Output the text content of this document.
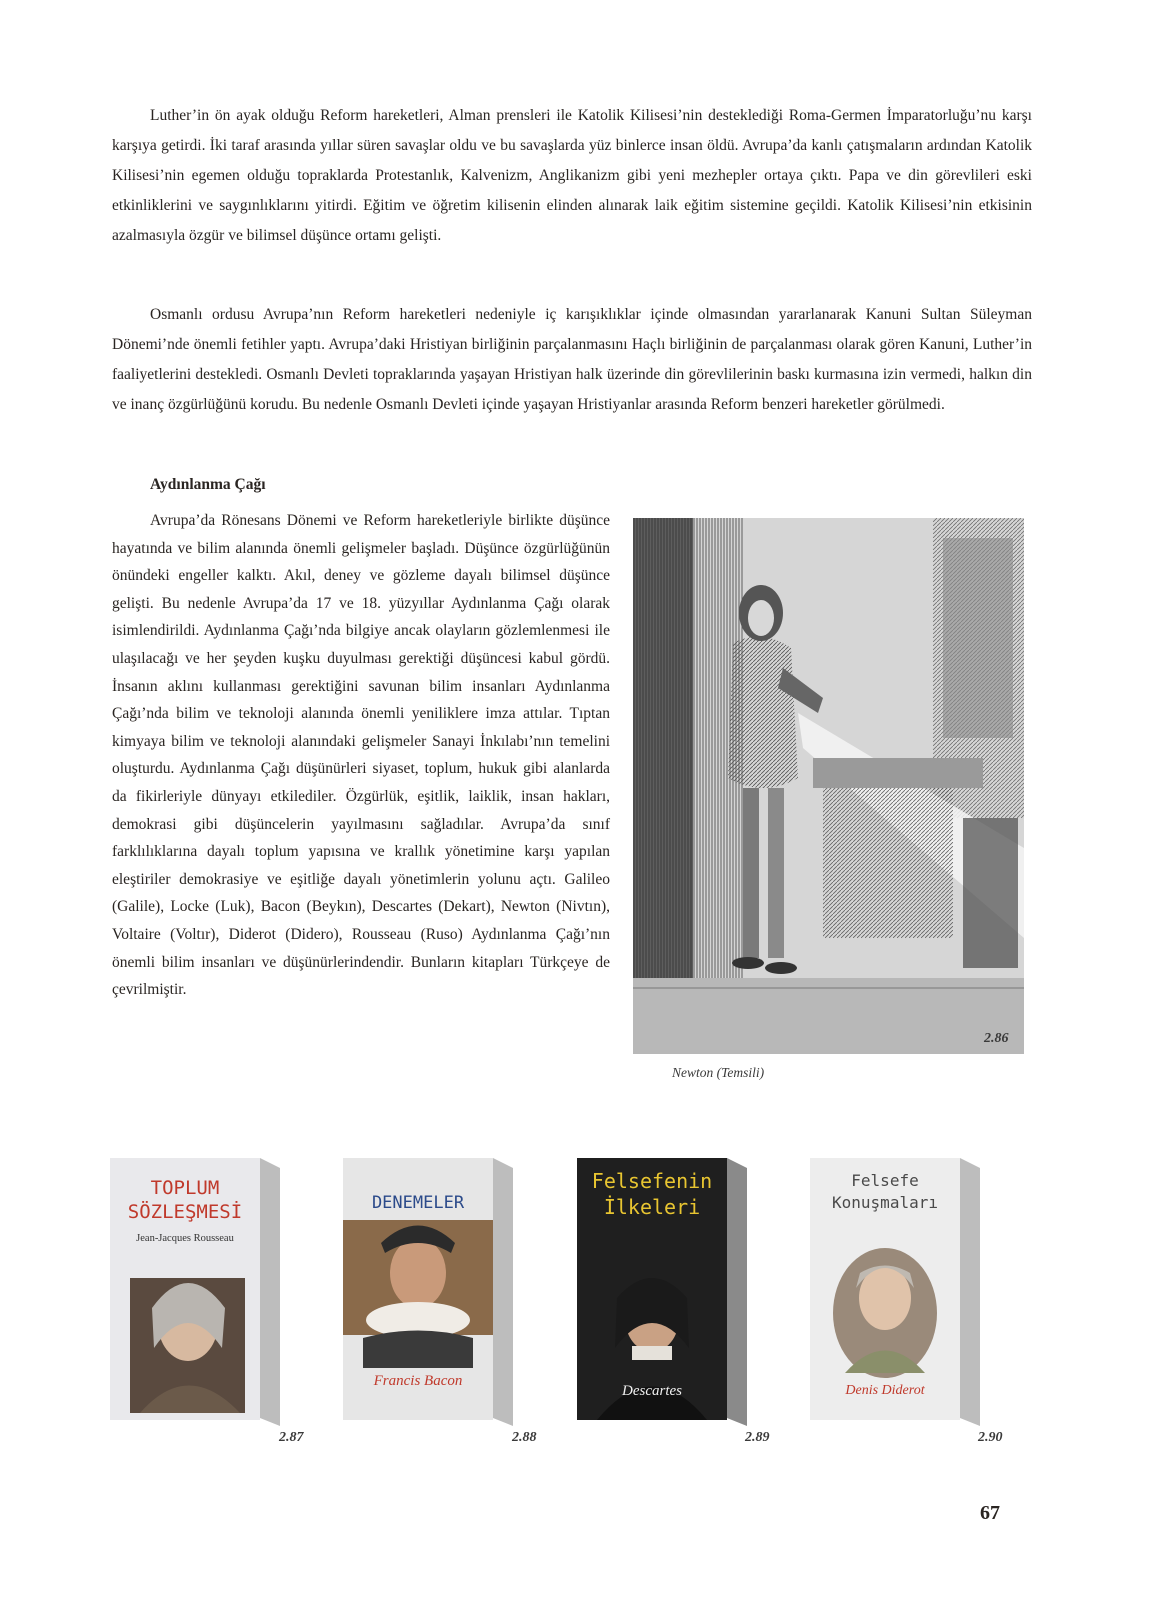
Luther’in ön ayak olduğu Reform hareketleri, Alman prensleri ile Katolik Kilisesi’nin desteklediği Roma-Germen İmparatorluğu’nu karşı karşıya getirdi. İki taraf arasında yıllar süren savaşlar oldu ve bu savaşlarda yüz binlerce insan öldü. Avrupa’da kanlı çatışmaların ardından Katolik Kilisesi’nin egemen olduğu topraklarda Protestanlık, Kalvenizm, Anglikanizm gibi yeni mezhepler ortaya çıktı. Papa ve din görevlileri eski etkinliklerini ve saygınlıklarını yitirdi. Eğitim ve öğretim kilisenin elinden alınarak laik eğitim sistemine geçildi. Katolik Kilisesi’nin etkisinin azalmasıyla özgür ve bilimsel düşünce ortamı gelişti.

Osmanlı ordusu Avrupa’nın Reform hareketleri nedeniyle iç karışıklıklar içinde olmasından yararlanarak Kanuni Sultan Süleyman Dönemi’nde önemli fetihler yaptı. Avrupa’daki Hristiyan birliğinin parçalanmasını Haçlı birliğinin de parçalanması olarak gören Kanuni, Luther’in faaliyetlerini destekledi. Osmanlı Devleti topraklarında yaşayan Hristiyan halk üzerinde din görevlilerinin baskı kurmasına izin vermedi, halkın din ve inanç özgürlüğünü korudu. Bu nedenle Osmanlı Devleti içinde yaşayan Hristiyanlar arasında Reform benzeri hareketler görülmedi.

Aydınlanma Çağı

Avrupa’da Rönesans Dönemi ve Reform hareketleriyle birlikte düşünce hayatında ve bilim alanında önemli gelişmeler başladı. Düşünce özgürlüğünün önündeki engeller kalktı. Akıl, deney ve gözleme dayalı bilimsel düşünce gelişti. Bu nedenle Avrupa’da 17 ve 18. yüzyıllar Aydınlanma Çağı olarak isimlendirildi. Aydınlanma Çağı’nda bilgiye ancak olayların gözlemlenmesi ile ulaşılacağı ve her şeyden kuşku duyulması gerektiği düşüncesi kabul gördü. İnsanın aklını kullanması gerektiğini savunan bilim insanları Aydınlanma Çağı’nda bilim ve teknoloji alanında önemli yeniliklere imza attılar. Tıptan kimyaya bilim ve teknoloji alanındaki gelişmeler Sanayi İnkılabı’nın temelini oluşturdu. Aydınlanma Çağı düşünürleri siyaset, toplum, hukuk gibi alanlarda da fikirleriyle dünyayı etkilediler. Özgürlük, eşitlik, laiklik, insan hakları, demokrasi gibi düşüncelerin yayılmasını sağladılar. Avrupa’da sınıf farklılıklarına dayalı toplum yapısına ve krallık yönetimine karşı yapılan eleştiriler demokrasiye ve eşitliğe dayalı yönetimlerin yolunu açtı. Galileo (Galile), Locke (Luk), Bacon (Beykın), Descartes (Dekart), Newton (Nivtın), Voltaire (Voltır), Diderot (Didero), Rousseau (Ruso) Aydınlanma Çağı’nın önemli bilim insanları ve düşünürlerindendir. Bunların kitapları Türkçeye de çevrilmiştir.

2.86
Newton (Temsili)
TOPLUM
SÖZLEŞMESİ
Jean-Jacques Rousseau
2.87
DENEMELER
Francis Bacon
2.88
Felsefenin
İlkeleri
Descartes
2.89
Felsefe
Konuşmaları
Denis Diderot
2.90
67
